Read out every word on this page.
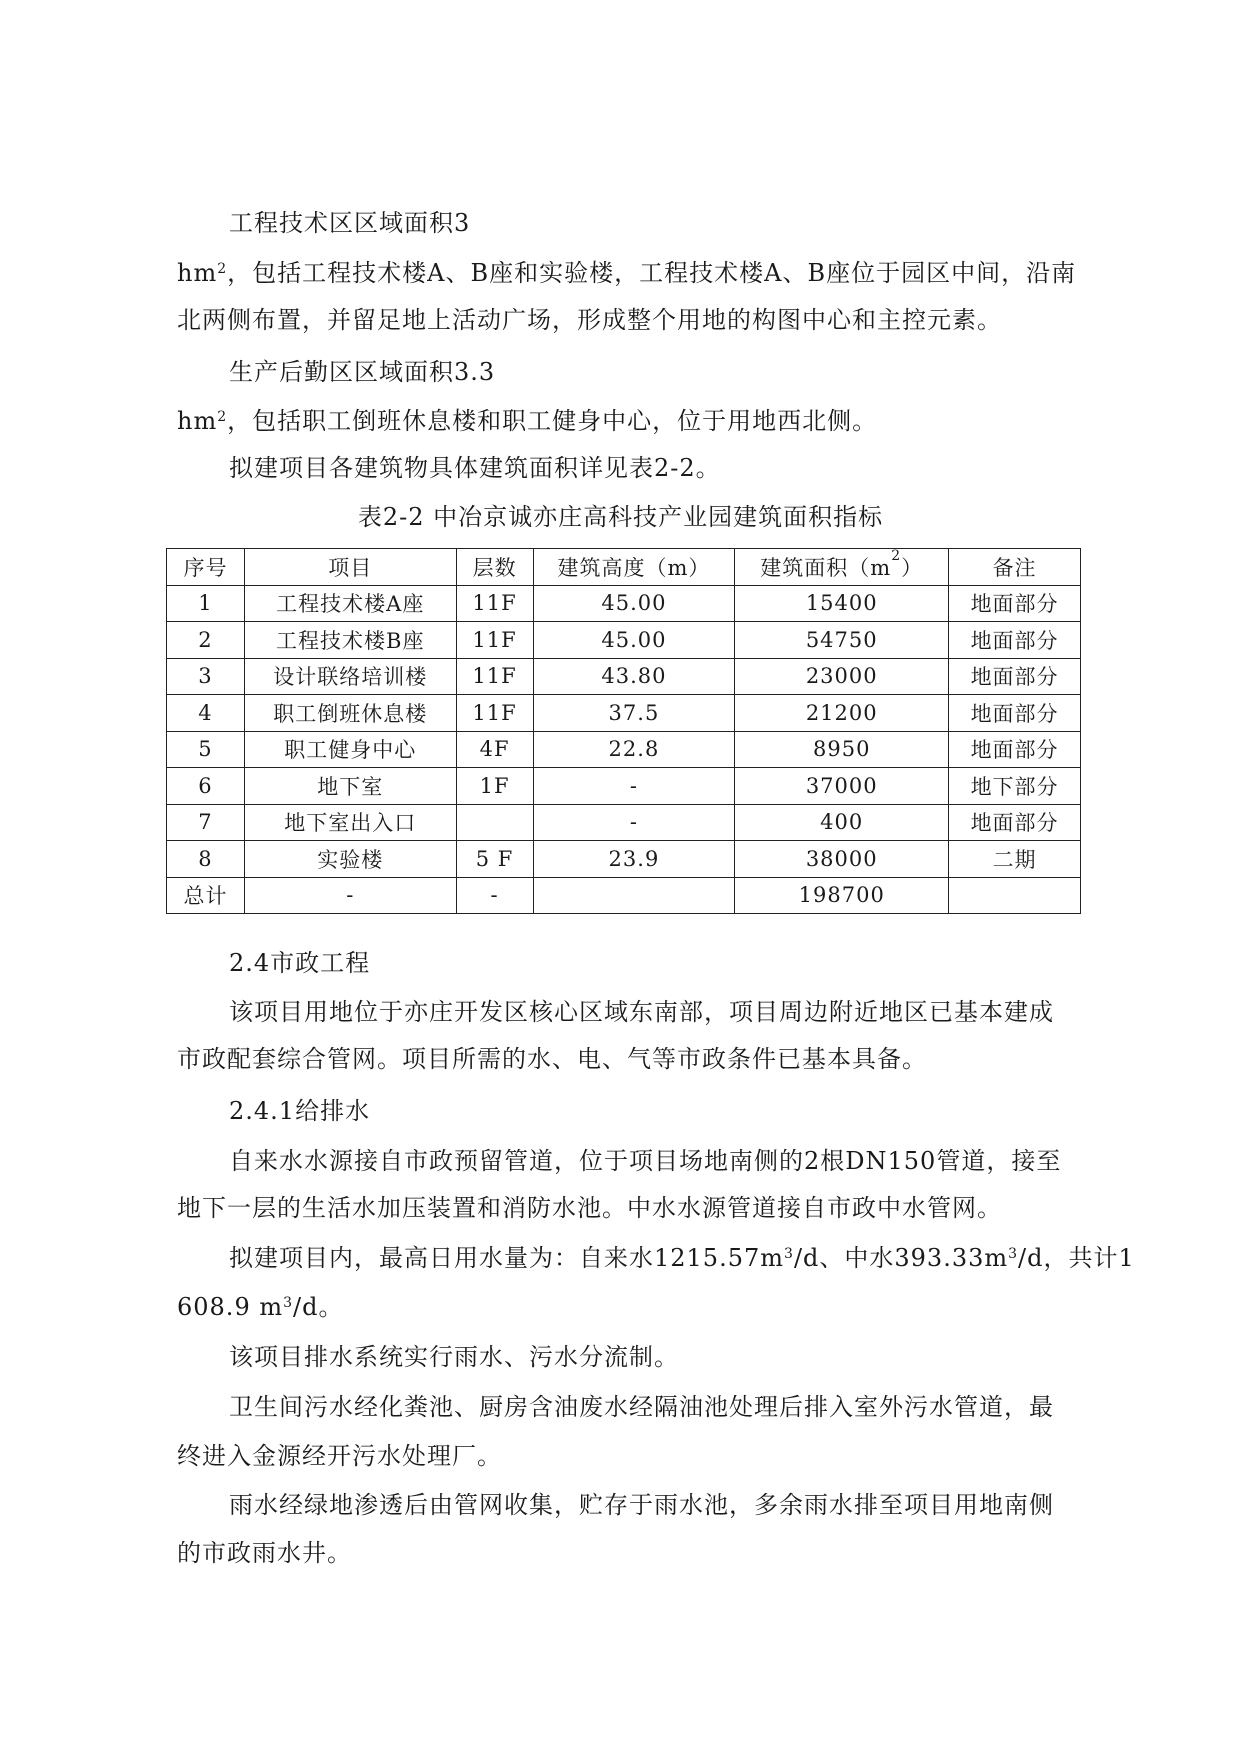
工程技术区区域面积3
$hm^2$，包括工程技术楼A、B座和实验楼，工程技术楼A、B座位于园区中间，沿南
北两侧布置，并留足地上活动广场，形成整个用地的构图中心和主控元素。
生产后勤区区域面积3.3
$hm^2$，包括职工倒班休息楼和职工健身中心，位于用地西北侧。
拟建项目各建筑物具体建筑面积详见表2-2。
表2-2 中冶京诚亦庄高科技产业园建筑面积指标
序号	项目	层数	建筑高度（m）	建筑面积$(m^2)$	备注
1	工程技术楼A座	11F	45.00	15400	地面部分
2	工程技术楼B座	11F	45.00	54750	地面部分
3	设计联络培训楼	11F	43.80	23000	地面部分
4	职工倒班休息楼	11F	37.5	21200	地面部分
5	职工健身中心	4F	22.8	8950	地面部分
6	地下室	1F	-	37000	地下部分
7	地下室出入口		-	400	地面部分
8	实验楼	5 F	23.9	38000	二期
总计	-	-		198700	
2.4市政工程
该项目用地位于亦庄开发区核心区域东南部，项目周边附近地区已基本建成
市政配套综合管网。项目所需的水、电、气等市政条件已基本具备。
2.4.1给排水
自来水水源接自市政预留管道，位于项目场地南侧的2根DN150管道，接至
地下一层的生活水加压装置和消防水池。中水水源管道接自市政中水管网。
拟建项目内，最高日用水量为：自来水$1215.57m^3/d$、中水$393.33m^3/d$，共计1
608.9 $m^3/d$。
该项目排水系统实行雨水、污水分流制。
卫生间污水经化粪池、厨房含油废水经隔油池处理后排入室外污水管道，最
终进入金源经开污水处理厂。
雨水经绿地渗透后由管网收集，贮存于雨水池，多余雨水排至项目用地南侧
的市政雨水井。
